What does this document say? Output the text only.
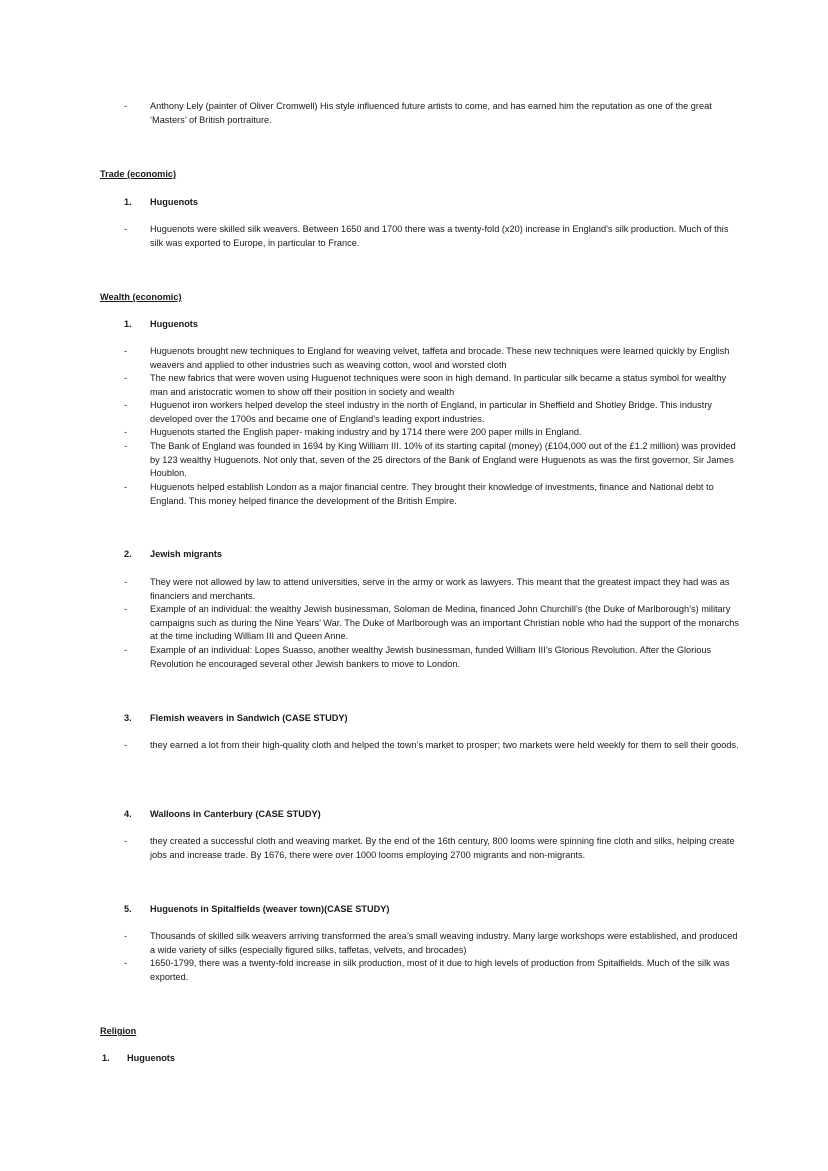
- Anthony Lely (painter of Oliver Cromwell) His style influenced future artists to come, and has earned him the reputation as one of the great ‘Masters’ of British portraiture.
Trade (economic)
1. Huguenots
- Huguenots were skilled silk weavers. Between 1650 and 1700 there was a twenty-fold (x20) increase in England’s silk production. Much of this silk was exported to Europe, in particular to France.
Wealth (economic)
1. Huguenots
- Huguenots brought new techniques to England for weaving velvet, taffeta and brocade. These new techniques were learned quickly by English weavers and applied to other industries such as weaving cotton, wool and worsted cloth
- The new fabrics that were woven using Huguenot techniques were soon in high demand. In particular silk became a status symbol for wealthy man and aristocratic women to show off their position in society and wealth
- Huguenot iron workers helped develop the steel industry in the north of England, in particular in Sheffield and Shotley Bridge. This industry developed over the 1700s and became one of England’s leading export industries.
- Huguenots started the English paper- making industry and by 1714 there were 200 paper mills in England.
- The Bank of England was founded in 1694 by King William III. 10% of its starting capital (money) (£104,000 out of the £1.2 million) was provided by 123 wealthy Huguenots. Not only that, seven of the 25 directors of the Bank of England were Huguenots as was the first governor, Sir James Houblon.
- Huguenots helped establish London as a major financial centre. They brought their knowledge of investments, finance and National debt to England. This money helped finance the development of the British Empire.
2. Jewish migrants
- They were not allowed by law to attend universities, serve in the army or work as lawyers. This meant that the greatest impact they had was as financiers and merchants.
- Example of an individual: the wealthy Jewish businessman, Soloman de Medina, financed John Churchill’s (the Duke of Marlborough’s) military campaigns such as during the Nine Years’ War. The Duke of Marlborough was an important Christian noble who had the support of the monarchs at the time including William III and Queen Anne.
- Example of an individual: Lopes Suasso, another wealthy Jewish businessman, funded William III’s Glorious Revolution. After the Glorious Revolution he encouraged several other Jewish bankers to move to London.
3. Flemish weavers in Sandwich (CASE STUDY)
- they earned a lot from their high-quality cloth and helped the town’s market to prosper; two markets were held weekly for them to sell their goods.
4. Walloons in Canterbury (CASE STUDY)
- they created a successful cloth and weaving market. By the end of the 16th century, 800 looms were spinning fine cloth and silks, helping create jobs and increase trade. By 1676, there were over 1000 looms employing 2700 migrants and non-migrants.
5. Huguenots in Spitalfields (weaver town)(CASE STUDY)
- Thousands of skilled silk weavers arriving transformed the area’s small weaving industry. Many large workshops were established, and produced a wide variety of silks (especially figured silks, taffetas, velvets, and brocades)
- 1650-1799, there was a twenty-fold increase in silk production, most of it due to high levels of production from Spitalfields. Much of the silk was exported.
Religion
1. Huguenots
